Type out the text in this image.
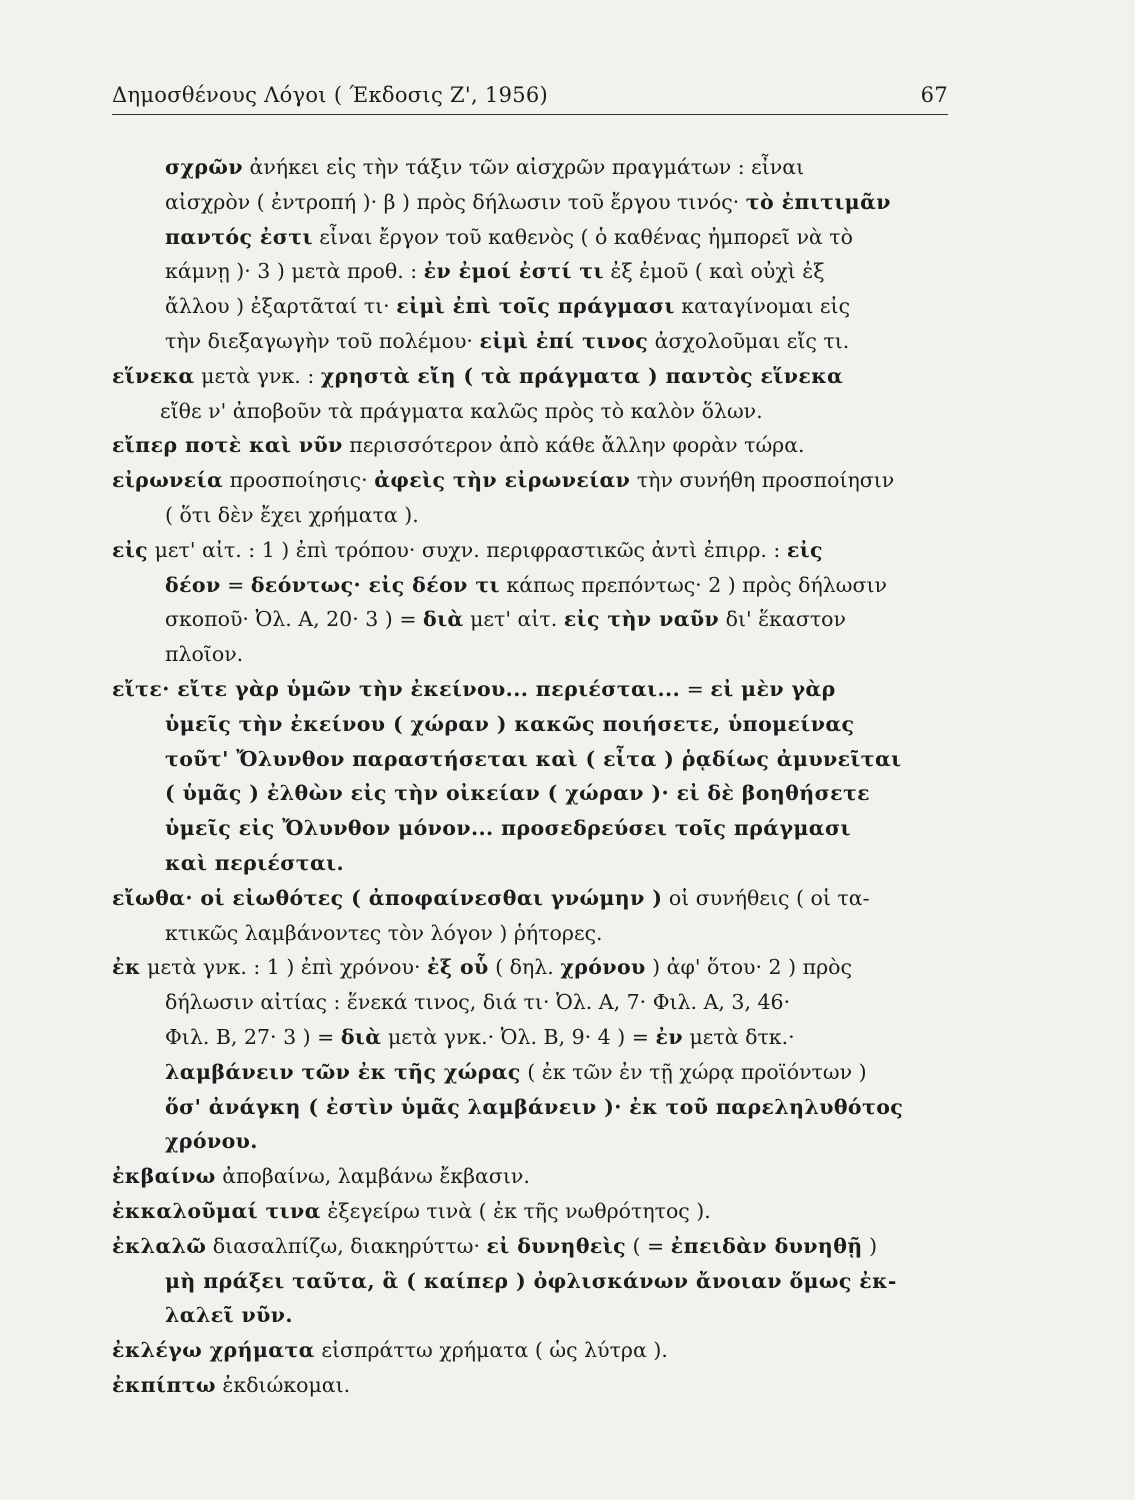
Δημοσθένους Λόγοι ( Έκδοσις Ζ', 1956)	67
σχρῶν ἀνήκει εἰς τὴν τάξιν τῶν αἰσχρῶν πραγμάτων : εἶναι
αἰσχρὸν ( ἐντροπή )· β ) πρὸς δήλωσιν τοῦ ἔργου τινός· τὸ ἐπιτιμᾶν
παντός ἐστι εἶναι ἔργον τοῦ καθενὸς ( ὁ καθένας ἠμπορεῖ νὰ τὸ
κάμνῃ )· 3 ) μετὰ προθ. : ἐν ἐμοί ἐστί τι ἐξ ἐμοῦ ( καὶ οὐχὶ ἐξ
ἄλλου ) ἐξαρτᾶταί τι· εἰμὶ ἐπὶ τοῖς πράγμασι καταγίνομαι εἰς
τὴν διεξαγωγὴν τοῦ πολέμου· εἰμὶ ἐπί τινος ἀσχολοῦμαι εἴς τι.
εἵνεκα μετὰ γνκ. : χρηστὰ εἴη ( τὰ πράγματα ) παντὸς εἵνεκα
εἴθε ν' ἀποβοῦν τὰ πράγματα καλῶς πρὸς τὸ καλὸν ὅλων.
εἴπερ ποτὲ καὶ νῦν περισσότερον ἀπὸ κάθε ἄλλην φορὰν τώρα.
εἰρωνεία προσποίησις· ἀφεὶς τὴν εἰρωνείαν τὴν συνήθη προσποίησιν
( ὅτι δὲν ἔχει χρήματα ).
εἰς μετ' αἰτ. : 1 ) ἐπὶ τρόπου· συχν. περιφραστικῶς ἀντὶ ἐπιρρ. : εἰς
δέον = δεόντως· εἰς δέον τι κάπως πρεπόντως· 2 ) πρὸς δήλωσιν
σκοποῦ· Ὀλ. Α, 20· 3 ) = διὰ μετ' αἰτ. εἰς τὴν ναῦν δι' ἕκαστον
πλοῖον.
εἴτε· εἴτε γὰρ ὑμῶν τὴν ἐκείνου... περιέσται... = εἰ μὲν γὰρ
ὑμεῖς τὴν ἐκείνου ( χώραν ) κακῶς ποιήσετε, ὑπομείνας
τοῦτ' Ὄλυνθον παραστήσεται καὶ ( εἶτα ) ῥᾳδίως ἀμυνεῖται
( ὑμᾶς ) ἐλθὼν εἰς τὴν οἰκείαν ( χώραν )· εἰ δὲ βοηθήσετε
ὑμεῖς εἰς Ὄλυνθον μόνον... προσεδρεύσει τοῖς πράγμασι
καὶ περιέσται.
εἴωθα· οἱ εἰωθότες ( ἀποφαίνεσθαι γνώμην ) οἱ συνήθεις ( οἱ τα-
κτικῶς λαμβάνοντες τὸν λόγον ) ῥήτορες.
ἐκ μετὰ γνκ. : 1 ) ἐπὶ χρόνου· ἐξ οὗ ( δηλ. χρόνου ) ἀφ' ὅτου· 2 ) πρὸς
δήλωσιν αἰτίας : ἕνεκά τινος, διά τι· Ὀλ. Α, 7· Φιλ. Α, 3, 46·
Φιλ. Β, 27· 3 ) = διὰ μετὰ γνκ.· Ὀλ. Β, 9· 4 ) = ἐν μετὰ δτκ.·
λαμβάνειν τῶν ἐκ τῆς χώρας ( ἐκ τῶν ἐν τῇ χώρᾳ προϊόντων )
ὅσ' ἀνάγκη ( ἐστὶν ὑμᾶς λαμβάνειν )· ἐκ τοῦ παρεληλυθότος
χρόνου.
ἐκβαίνω ἀποβαίνω, λαμβάνω ἔκβασιν.
ἐκκαλοῦμαί τινα ἐξεγείρω τινὰ ( ἐκ τῆς νωθρότητος ).
ἐκλαλῶ διασαλπίζω, διακηρύττω· εἰ δυνηθεὶς ( = ἐπειδὰν δυνηθῇ )
μὴ πράξει ταῦτα, ἃ ( καίπερ ) ὀφλισκάνων ἄνοιαν ὅμως ἐκ-
λαλεῖ νῦν.
ἐκλέγω χρήματα εἰσπράττω χρήματα ( ὡς λύτρα ).
ἐκπίπτω ἐκδιώκομαι.
